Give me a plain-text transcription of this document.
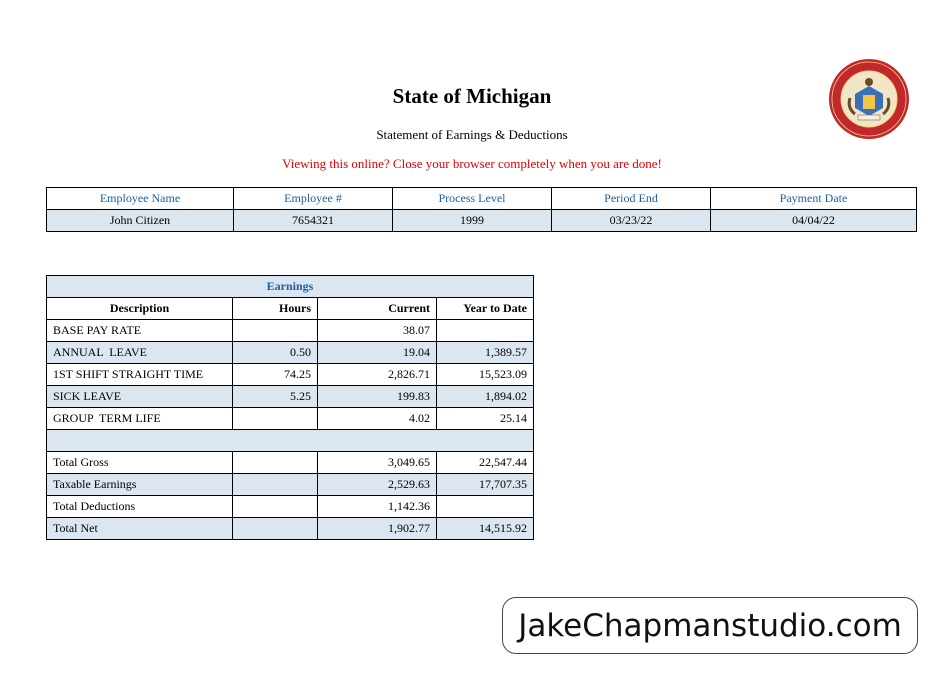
State of Michigan
Statement of Earnings & Deductions
Viewing this online? Close your browser completely when you are done!
Employee Name	Employee #	Process Level	Period End	Payment Date
John Citizen	7654321	1999	03/23/22	04/04/22
Earnings			
Description	Hours	Current	Year to Date
BASE PAY RATE		38.07	
ANNUAL  LEAVE	0.50	19.04	1,389.57
1ST SHIFT STRAIGHT TIME	74.25	2,826.71	15,523.09
SICK LEAVE	5.25	199.83	1,894.02
GROUP  TERM LIFE		4.02	25.14

Total Gross		3,049.65	22,547.44
Taxable Earnings		2,529.63	17,707.35
Total Deductions		1,142.36	
Total Net		1,902.77	14,515.92
JakeChapmanstudio.com
